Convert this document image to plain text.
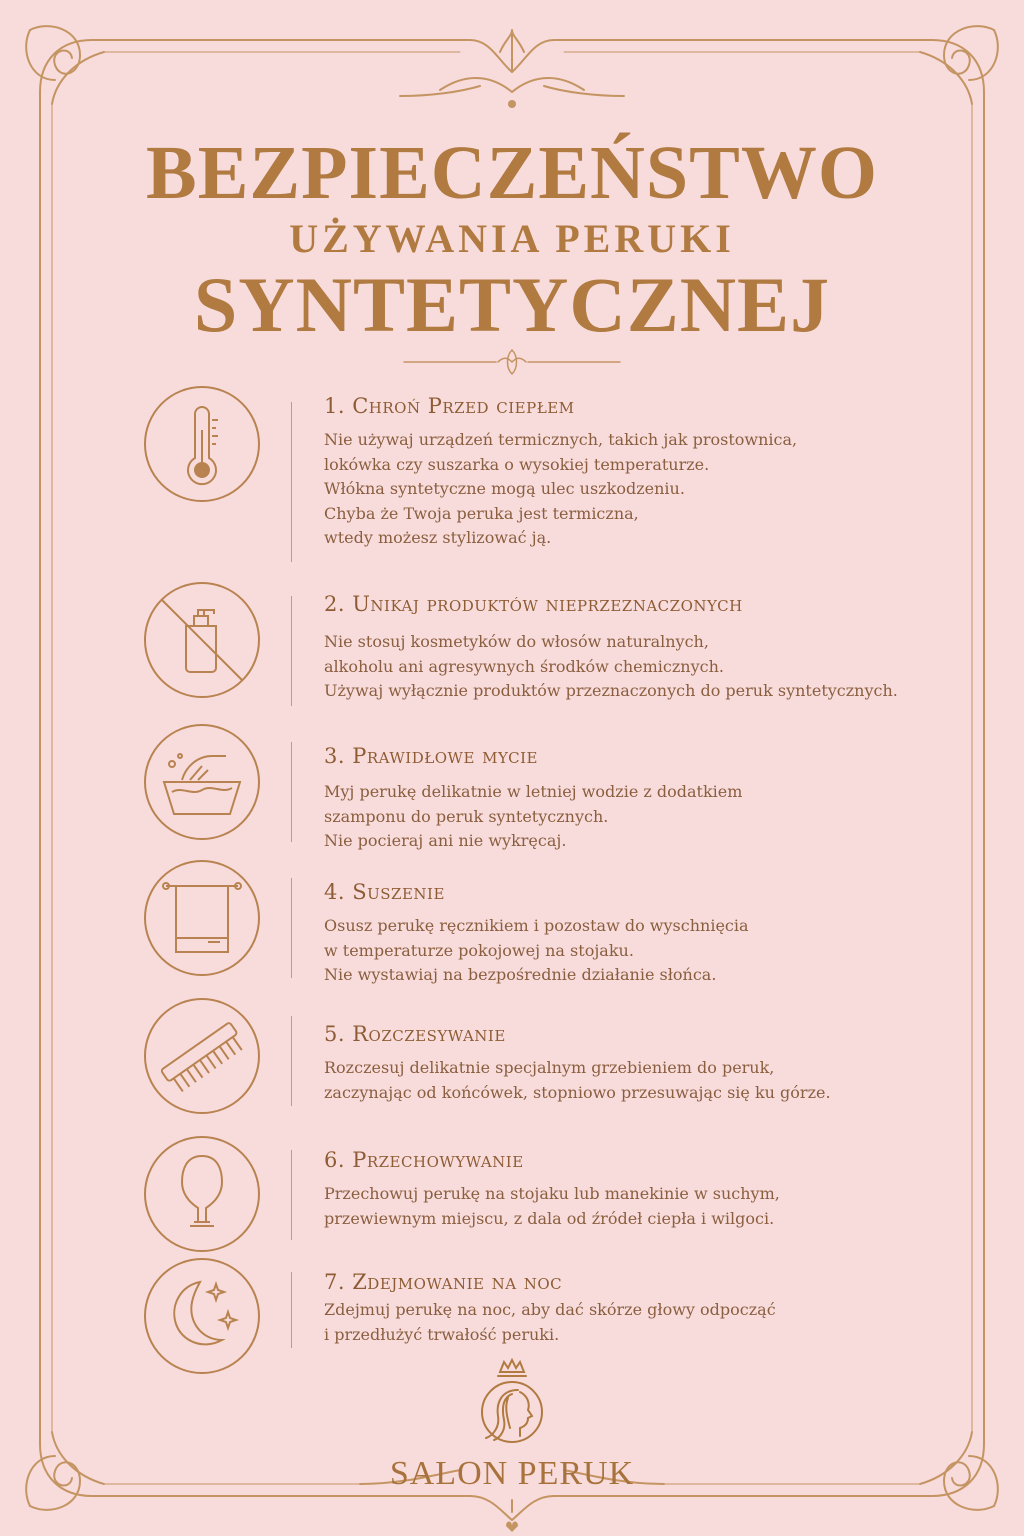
BEZPIECZEŃSTWO
UŻYWANIA PERUKI
SYNTETYCZNEJ

1. Chroń Przed ciepłem

Nie używaj urządzeń termicznych, takich jak prostownica,
lokówka czy suszarka o wysokiej temperaturze.
Włókna syntetyczne mogą ulec uszkodzeniu.
Chyba że Twoja peruka jest termiczna,
wtedy możesz stylizować ją.

2. Unikaj produktów nieprzeznaczonych

Nie stosuj kosmetyków do włosów naturalnych,
alkoholu ani agresywnych środków chemicznych.
Używaj wyłącznie produktów przeznaczonych do peruk syntetycznych.

3. Prawidłowe mycie

Myj perukę delikatnie w letniej wodzie z dodatkiem
szamponu do peruk syntetycznych.
Nie pocieraj ani nie wykręcaj.

4. Suszenie

Osusz perukę ręcznikiem i pozostaw do wyschnięcia
w temperaturze pokojowej na stojaku.
Nie wystawiaj na bezpośrednie działanie słońca.

5. Rozczesywanie

Rozczesuj delikatnie specjalnym grzebieniem do peruk,
zaczynając od końcówek, stopniowo przesuwając się ku górze.

6. Przechowywanie

Przechowuj perukę na stojaku lub manekinie w suchym,
przewiewnym miejscu, z dala od źródeł ciepła i wilgoci.

7. Zdejmowanie na noc

Zdejmuj perukę na noc, aby dać skórze głowy odpocząć
i przedłużyć trwałość peruki.

SALON PERUK
